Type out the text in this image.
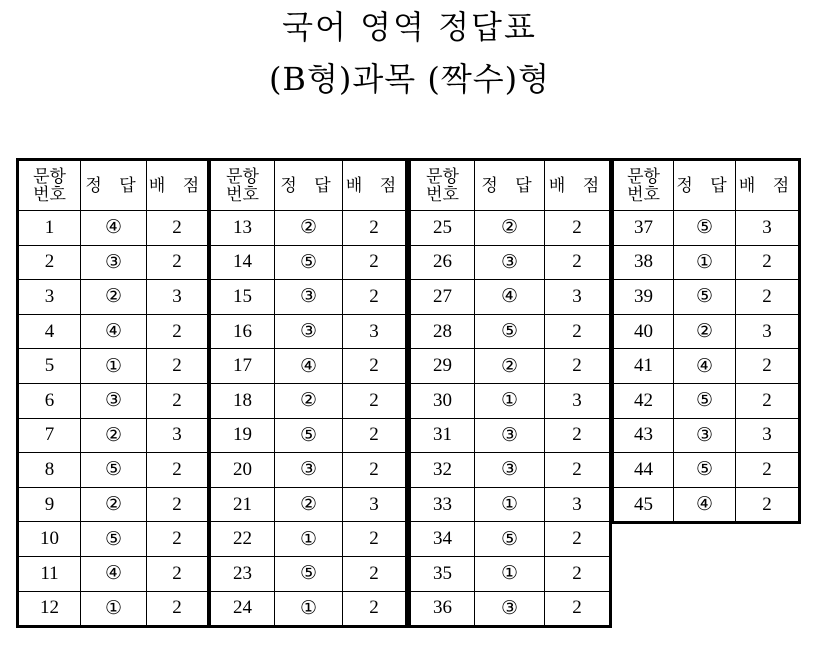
국어 영역 정답표
(B형)과목 (짝수)형
문항
번호	정 답	배 점
1	④	2
2	③	2
3	②	3
4	④	2
5	①	2
6	③	2
7	②	3
8	⑤	2
9	②	2
10	⑤	2
11	④	2
12	①	2
문항
번호	정 답	배 점
13	②	2
14	⑤	2
15	③	2
16	③	3
17	④	2
18	②	2
19	⑤	2
20	③	2
21	②	3
22	①	2
23	⑤	2
24	①	2
문항
번호	정 답	배 점
25	②	2
26	③	2
27	④	3
28	⑤	2
29	②	2
30	①	3
31	③	2
32	③	2
33	①	3
34	⑤	2
35	①	2
36	③	2
문항
번호	정 답	배 점
37	⑤	3
38	①	2
39	⑤	2
40	②	3
41	④	2
42	⑤	2
43	③	3
44	⑤	2
45	④	2
